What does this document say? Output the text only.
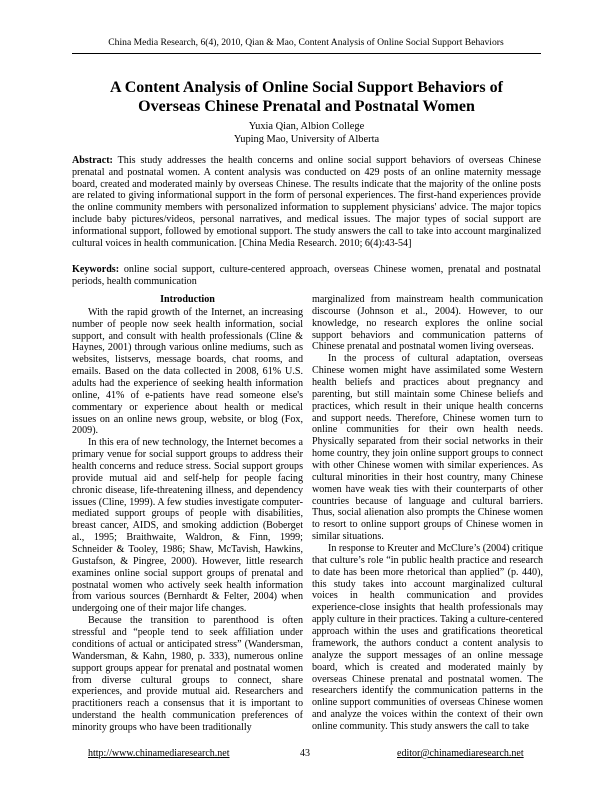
China Media Research, 6(4), 2010, Qian & Mao, Content Analysis of Online Social Support Behaviors
A Content Analysis of Online Social Support Behaviors of
Overseas Chinese Prenatal and Postnatal Women
Yuxia Qian, Albion College
Yuping Mao, University of Alberta
Abstract: This study addresses the health concerns and online social support behaviors of overseas Chinese prenatal and postnatal women. A content analysis was conducted on 429 posts of an online maternity message board, created and moderated mainly by overseas Chinese. The results indicate that the majority of the online posts are related to giving informational support in the form of personal experiences. The first-hand experiences provide the online community members with personalized information to supplement physicians' advice. The major topics include baby pictures/videos, personal narratives, and medical issues. The major types of social support are informational support, followed by emotional support. The study answers the call to take into account marginalized cultural voices in health communication. [China Media Research. 2010; 6(4):43-54]
Keywords: online social support, culture-centered approach, overseas Chinese women, prenatal and postnatal periods, health communication
Introduction

With the rapid growth of the Internet, an increasing number of people now seek health information, social support, and consult with health professionals (Cline & Haynes, 2001) through various online mediums, such as websites, listservs, message boards, chat rooms, and emails. Based on the data collected in 2008, 61% U.S. adults had the experience of seeking health information online, 41% of e-patients have read someone else's commentary or experience about health or medical issues on an online news group, website, or blog (Fox, 2009).

In this era of new technology, the Internet becomes a primary venue for social support groups to address their health concerns and reduce stress. Social support groups provide mutual aid and self-help for people facing chronic disease, life-threatening illness, and dependency issues (Cline, 1999). A few studies investigate computer-mediated support groups of people with disabilities, breast cancer, AIDS, and smoking addiction (Boberget al., 1995; Braithwaite, Waldron, & Finn, 1999; Schneider & Tooley, 1986; Shaw, McTavish, Hawkins, Gustafson, & Pingree, 2000). However, little research examines online social support groups of prenatal and postnatal women who actively seek health information from various sources (Bernhardt & Felter, 2004) when undergoing one of their major life changes.

Because the transition to parenthood is often stressful and “people tend to seek affiliation under conditions of actual or anticipated stress” (Wandersman, Wandersman, & Kahn, 1980, p. 333), numerous online support groups appear for prenatal and postnatal women from diverse cultural groups to connect, share experiences, and provide mutual aid. Researchers and practitioners reach a consensus that it is important to understand the health communication preferences of minority groups who have been traditionally

marginalized from mainstream health communication discourse (Johnson et al., 2004). However, to our knowledge, no research explores the online social support behaviors and communication patterns of Chinese prenatal and postnatal women living overseas.

In the process of cultural adaptation, overseas Chinese women might have assimilated some Western health beliefs and practices about pregnancy and parenting, but still maintain some Chinese beliefs and practices, which result in their unique health concerns and support needs. Therefore, Chinese women turn to online communities for their own health needs. Physically separated from their social networks in their home country, they join online support groups to connect with other Chinese women with similar experiences. As cultural minorities in their host country, many Chinese women have weak ties with their counterparts of other countries because of language and cultural barriers. Thus, social alienation also prompts the Chinese women to resort to online support groups of Chinese women in similar situations.

In response to Kreuter and McClure’s (2004) critique that culture’s role “in public health practice and research to date has been more rhetorical than applied” (p. 440), this study takes into account marginalized cultural voices in health communication and provides experience-close insights that health professionals may apply culture in their practices. Taking a culture-centered approach within the uses and gratifications theoretical framework, the authors conduct a content analysis to analyze the support messages of an online message board, which is created and moderated mainly by overseas Chinese prenatal and postnatal women. The researchers identify the communication patterns in the online support communities of overseas Chinese women and analyze the voices within the context of their own online community. This study answers the call to take

http://www.chinamediaresearch.net	43	editor@chinamediaresearch.net
